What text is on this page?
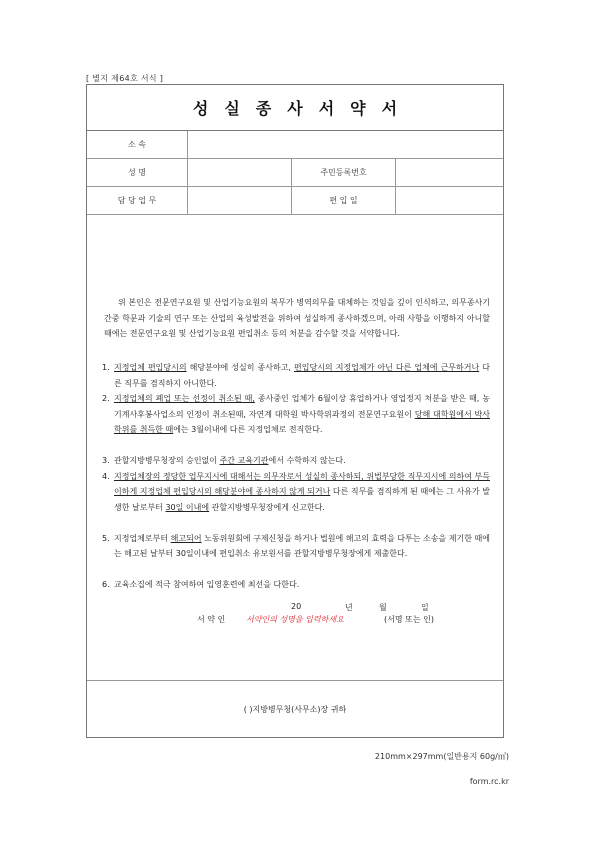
[ 별지 제64호 서식 ]
성실종사서약서
소 속
성 명	주민등록번호
담 당 업 무	편 입 일
위 본인은 전문연구요원 및 산업기능요원의 복무가 병역의무를 대체하는 것임을 깊이 인식하고, 의무종사기간중 학문과 기술의 연구 또는 산업의 육성발전을 위하여 성실하게 종사하겠으며, 아래 사항을 이행하지 아니할 때에는 전문연구요원 및 산업기능요원 편입취소 등의 처분을 감수할 것을 서약합니다.
1. 지정업체 편입당시의 해당분야에 성실히 종사하고, 편입당시의 지정업체가 아닌 다른 업체에 근무하거나 다른 직무를 겸직하지 아니한다.
2. 지정업체의 폐업 또는 선정이 취소된 때, 종사중인 업체가 6월이상 휴업하거나 영업정지 처분을 받은 때, 농기계사후봉사업소의 인정이 취소된때, 자연계 대학원 박사학위과정의 전문연구요원이 당해 대학원에서 박사학위를 취득한 때에는 3월이내에 다른 지정업체로 전직한다.
3. 관할지방병무청장의 승인없이 주간 교육기관에서 수학하지 않는다.
4. 지정업체장의 정당한 업무지시에 대해서는 의무자로서 성실히 종사하되, 위법부당한 직무지시에 의하여 부득이하게 지정업체 편입당시의 해당분야에 종사하지 않게 되거나 다른 직무를 겸직하게 된 때에는 그 사유가 발생한 날로부터 30일 이내에 관할지방병무청장에게 신고한다.
5. 지정업체로부터 해고되어 노동위원회에 구제신청을 하거나 법원에 해고의 효력을 다투는 소송을 제기한 때에는 해고된 날부터 30일이내에 편입취소 유보원서를 관할지방병무청장에게 제출한다.
6. 교육소집에 적극 참여하여 입영훈련에 최선을 다한다.
20	년	월	일
서 약 인	서약인의 성명을 입력하세요	(서명 또는 인)
( )지방병무청(사무소)장 귀하
210mm×297mm(일반용지 60g/㎡)
form.rc.kr
